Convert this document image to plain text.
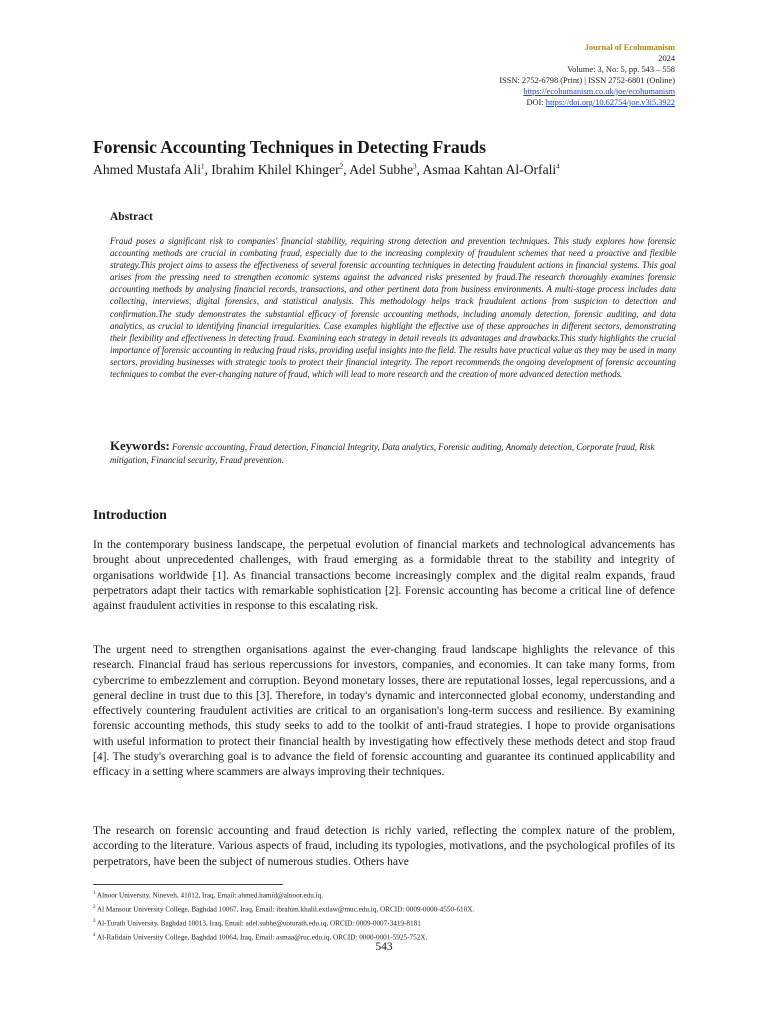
Journal of Ecohumanism
2024
Volume: 3, No: 5, pp. 543 – 558
ISSN: 2752-6798 (Print) | ISSN 2752-6801 (Online)
https://ecohumanism.co.uk/joe/ecohumanism
DOI: https://doi.org/10.62754/joe.v3i5.3922
Forensic Accounting Techniques in Detecting Frauds
Ahmed Mustafa Ali$^1$, Ibrahim Khilel Khinger$^2$, Adel Subhe$^3$, Asmaa Kahtan Al-Orfali$^4$
Abstract

Fraud poses a significant risk to companies' financial stability, requiring strong detection and prevention techniques. This study explores how forensic accounting methods are crucial in combating fraud, especially due to the increasing complexity of fraudulent schemes that need a proactive and flexible strategy.This project aims to assess the effectiveness of several forensic accounting techniques in detecting fraudulent actions in financial systems. This goal arises from the pressing need to strengthen economic systems against the advanced risks presented by fraud.The research thoroughly examines forensic accounting methods by analysing financial records, transactions, and other pertinent data from business environments. A multi-stage process includes data collecting, interviews, digital forensics, and statistical analysis. This methodology helps track fraudulent actions from suspicion to detection and confirmation.The study demonstrates the substantial efficacy of forensic accounting methods, including anomaly detection, forensic auditing, and data analytics, as crucial to identifying financial irregularities. Case examples highlight the effective use of these approaches in different sectors, demonstrating their flexibility and effectiveness in detecting fraud. Examining each strategy in detail reveals its advantages and drawbacks.This study highlights the crucial importance of forensic accounting in reducing fraud risks, providing useful insights into the field. The results have practical value as they may be used in many sectors, providing businesses with strategic tools to protect their financial integrity. The report recommends the ongoing development of forensic accounting techniques to combat the ever-changing nature of fraud, which will lead to more research and the creation of more advanced detection methods.

Keywords: Forensic accounting, Fraud detection, Financial Integrity, Data analytics, Forensic auditing, Anomaly detection, Corporate fraud, Risk mitigation, Financial security, Fraud prevention.

Introduction

In the contemporary business landscape, the perpetual evolution of financial markets and technological advancements has brought about unprecedented challenges, with fraud emerging as a formidable threat to the stability and integrity of organisations worldwide [1]. As financial transactions become increasingly complex and the digital realm expands, fraud perpetrators adapt their tactics with remarkable sophistication [2]. Forensic accounting has become a critical line of defence against fraudulent activities in response to this escalating risk.

The urgent need to strengthen organisations against the ever-changing fraud landscape highlights the relevance of this research. Financial fraud has serious repercussions for investors, companies, and economies. It can take many forms, from cybercrime to embezzlement and corruption. Beyond monetary losses, there are reputational losses, legal repercussions, and a general decline in trust due to this [3]. Therefore, in today's dynamic and interconnected global economy, understanding and effectively countering fraudulent activities are critical to an organisation's long-term success and resilience. By examining forensic accounting methods, this study seeks to add to the toolkit of anti-fraud strategies. I hope to provide organisations with useful information to protect their financial health by investigating how effectively these methods detect and stop fraud [4]. The study's overarching goal is to advance the field of forensic accounting and guarantee its continued applicability and efficacy in a setting where scammers are always improving their techniques.

The research on forensic accounting and fraud detection is richly varied, reflecting the complex nature of the problem, according to the literature. Various aspects of fraud, including its typologies, motivations, and the psychological profiles of its perpetrators, have been the subject of numerous studies. Others have

$^1$ Alnoor University, Nineveh, 41012, Iraq, Email: ahmed.hamid@alnoor.edu.iq.
$^2$ Al Mansour University College, Baghdad 10067, Iraq, Email: ibrahim.khalil.extlaw@muc.edu.iq, ORCID: 0009-0000-4550-610X.
$^3$ Al-Turath University, Baghdad 10013, Iraq, Email: adel.subhe@uoturath.edu.iq, ORCID: 0009-0007-3419-8181
$^4$ Al-Rafidain University College, Baghdad 10064, Iraq, Email: asmaa@ruc.edu.iq, ORCID: 0000-0001-5925-752X.
543
